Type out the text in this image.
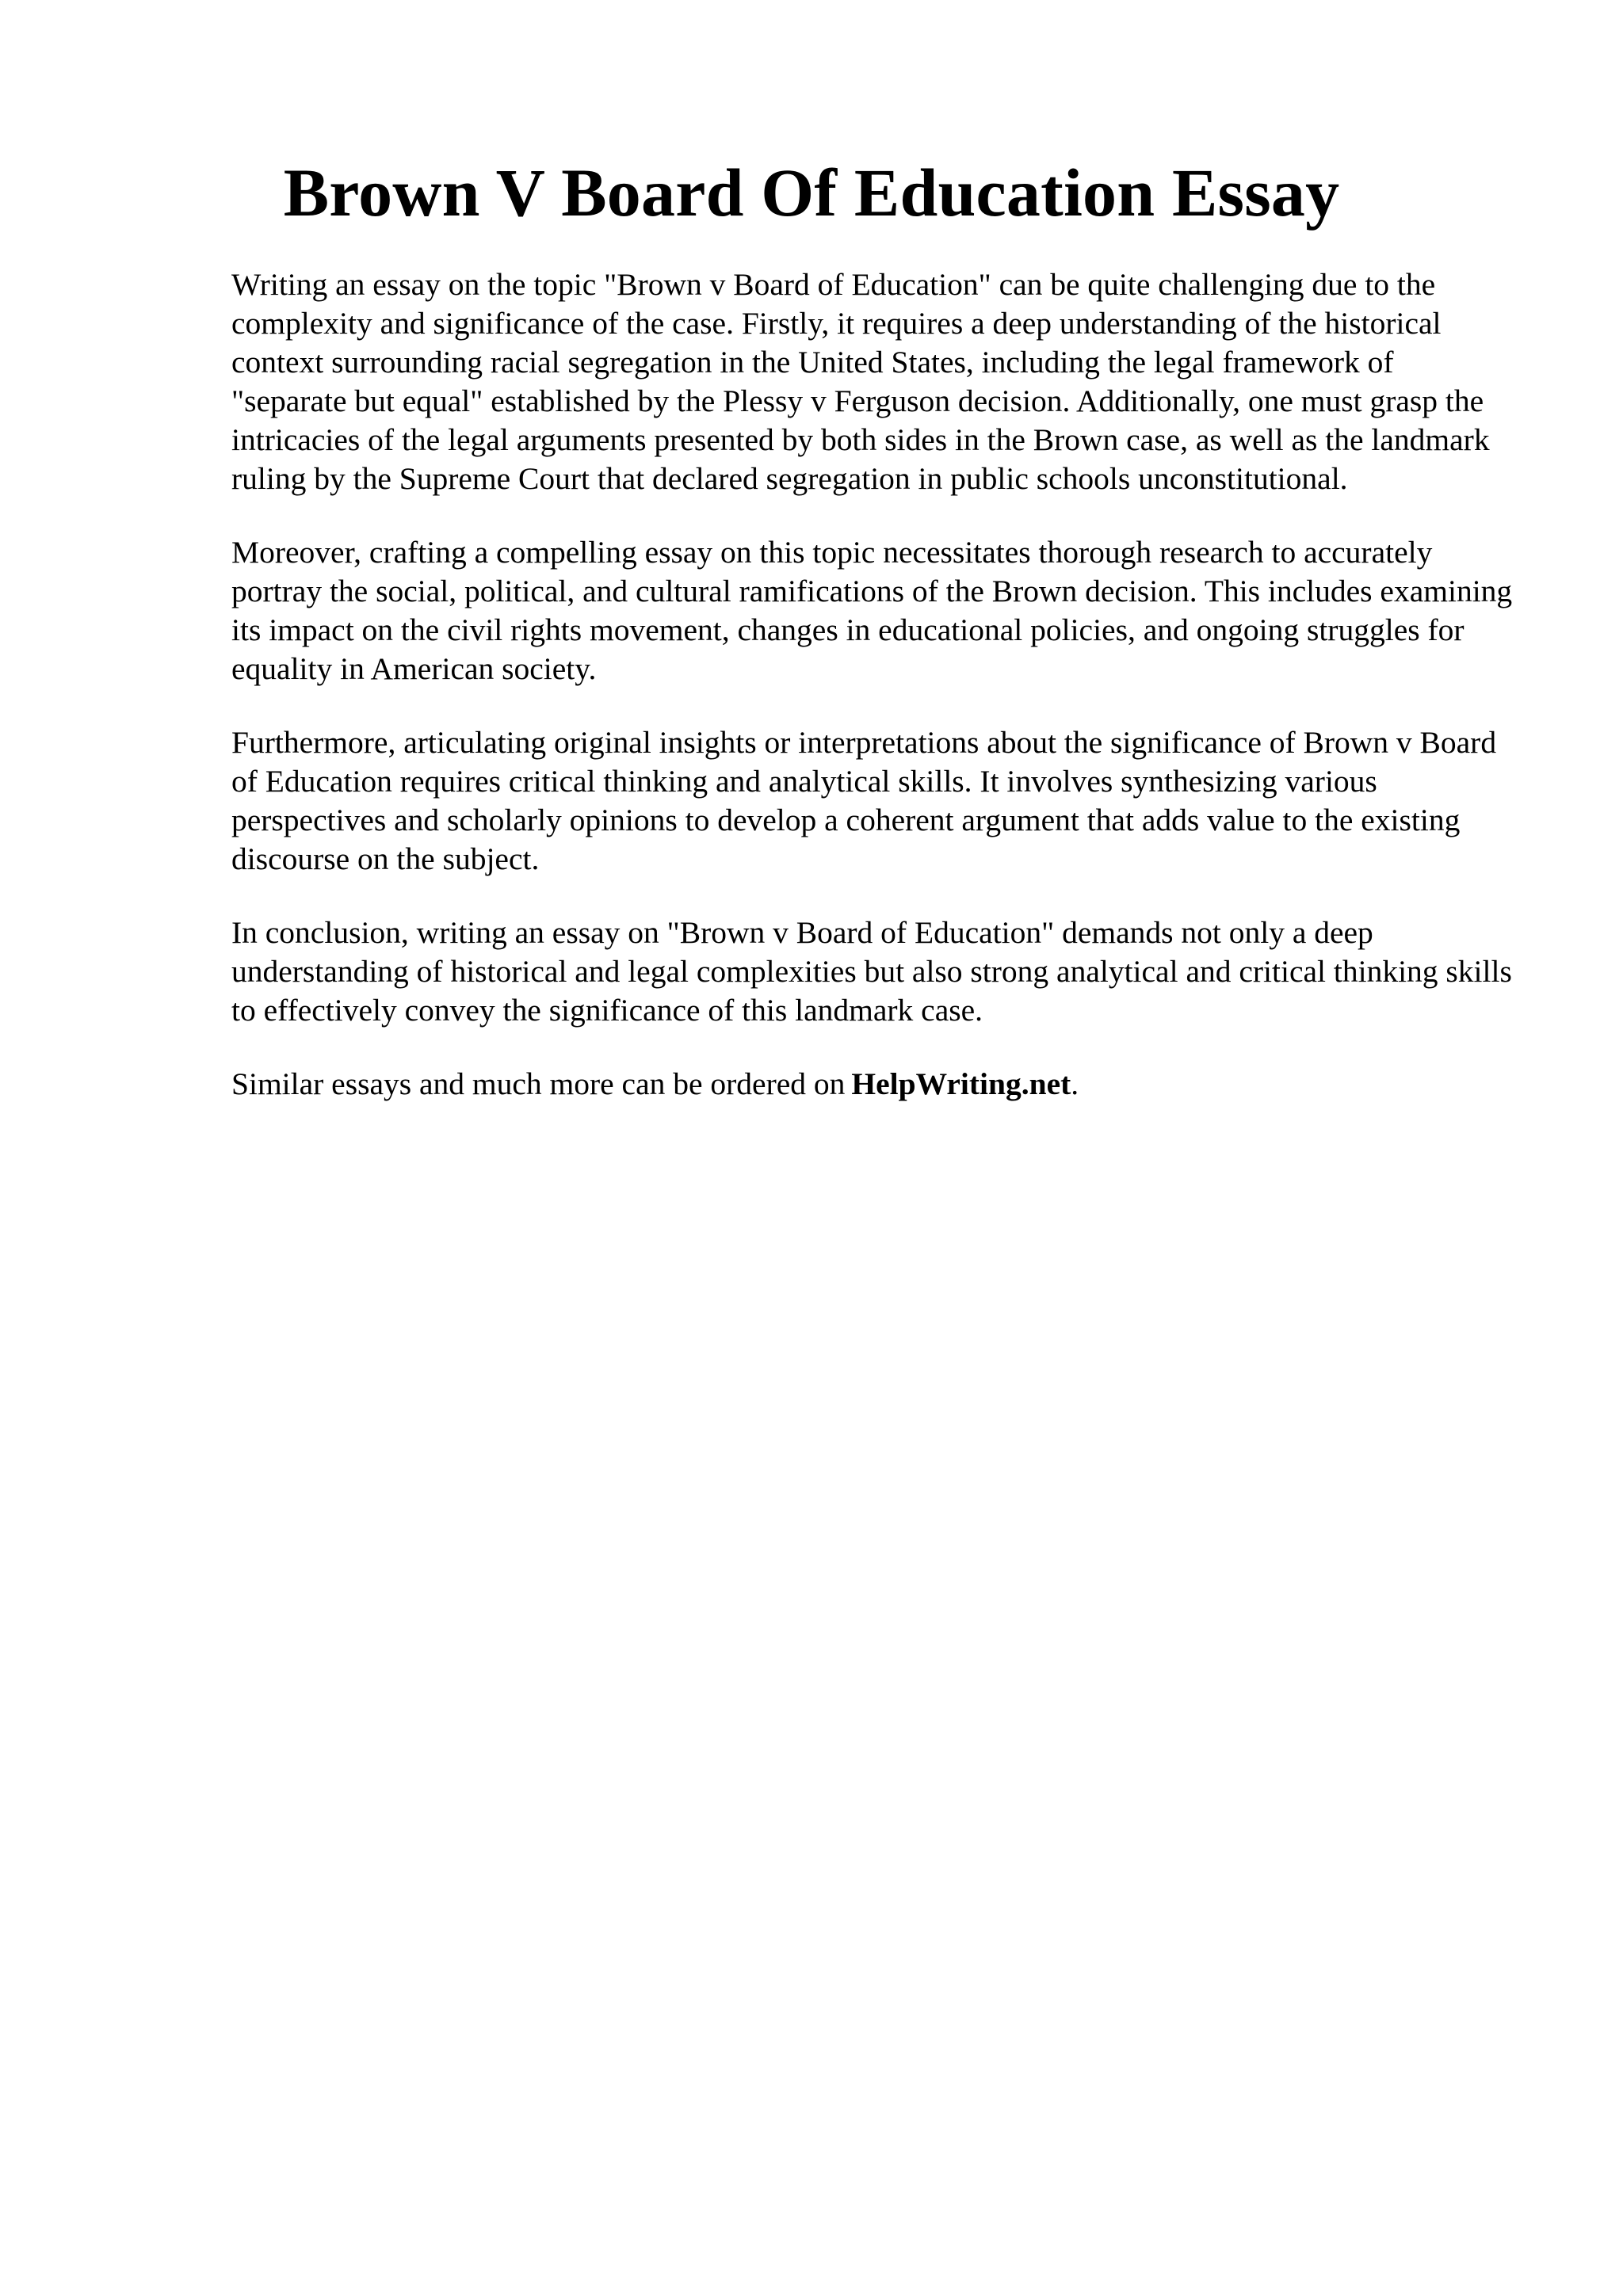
Brown V Board Of Education Essay

Writing an essay on the topic "Brown v Board of Education" can be quite challenging due to the complexity and significance of the case. Firstly, it requires a deep understanding of the historical context surrounding racial segregation in the United States, including the legal framework of "separate but equal" established by the Plessy v Ferguson decision. Additionally, one must grasp the intricacies of the legal arguments presented by both sides in the Brown case, as well as the landmark ruling by the Supreme Court that declared segregation in public schools unconstitutional.

Moreover, crafting a compelling essay on this topic necessitates thorough research to accurately portray the social, political, and cultural ramifications of the Brown decision. This includes examining its impact on the civil rights movement, changes in educational policies, and ongoing struggles for equality in American society.

Furthermore, articulating original insights or interpretations about the significance of Brown v Board of Education requires critical thinking and analytical skills. It involves synthesizing various perspectives and scholarly opinions to develop a coherent argument that adds value to the existing discourse on the subject.

In conclusion, writing an essay on "Brown v Board of Education" demands not only a deep understanding of historical and legal complexities but also strong analytical and critical thinking skills to effectively convey the significance of this landmark case.

Similar essays and much more can be ordered on HelpWriting.net.
